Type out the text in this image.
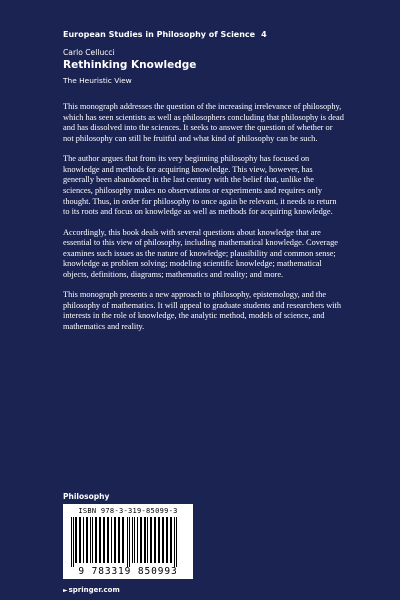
European Studies in Philosophy of Science 4
Carlo Cellucci
Rethinking Knowledge
The Heuristic View

This monograph addresses the question of the increasing irrelevance of philosophy, which has seen scientists as well as philosophers concluding that philosophy is dead and has dissolved into the sciences. It seeks to answer the question of whether or not philosophy can still be fruitful and what kind of philosophy can be such.

The author argues that from its very beginning philosophy has focused on knowledge and methods for acquiring knowledge. This view, however, has generally been abandoned in the last century with the belief that, unlike the sciences, philosophy makes no observations or experiments and requires only thought. Thus, in order for philosophy to once again be relevant, it needs to return to its roots and focus on knowledge as well as methods for acquiring knowledge.

Accordingly, this book deals with several questions about knowledge that are essential to this view of philosophy, including mathematical knowledge. Coverage examines such issues as the nature of knowledge; plausibility and common sense; knowledge as problem solving; modeling scientific knowledge; mathematical objects, definitions, diagrams; mathematics and reality; and more.

This monograph presents a new approach to philosophy, epistemology, and the philosophy of mathematics. It will appeal to graduate students and researchers with interests in the role of knowledge, the analytic method, models of science, and mathematics and reality.

Philosophy
ISBN 978-3-319-85099-3
9 783319 850993
►springer.com
